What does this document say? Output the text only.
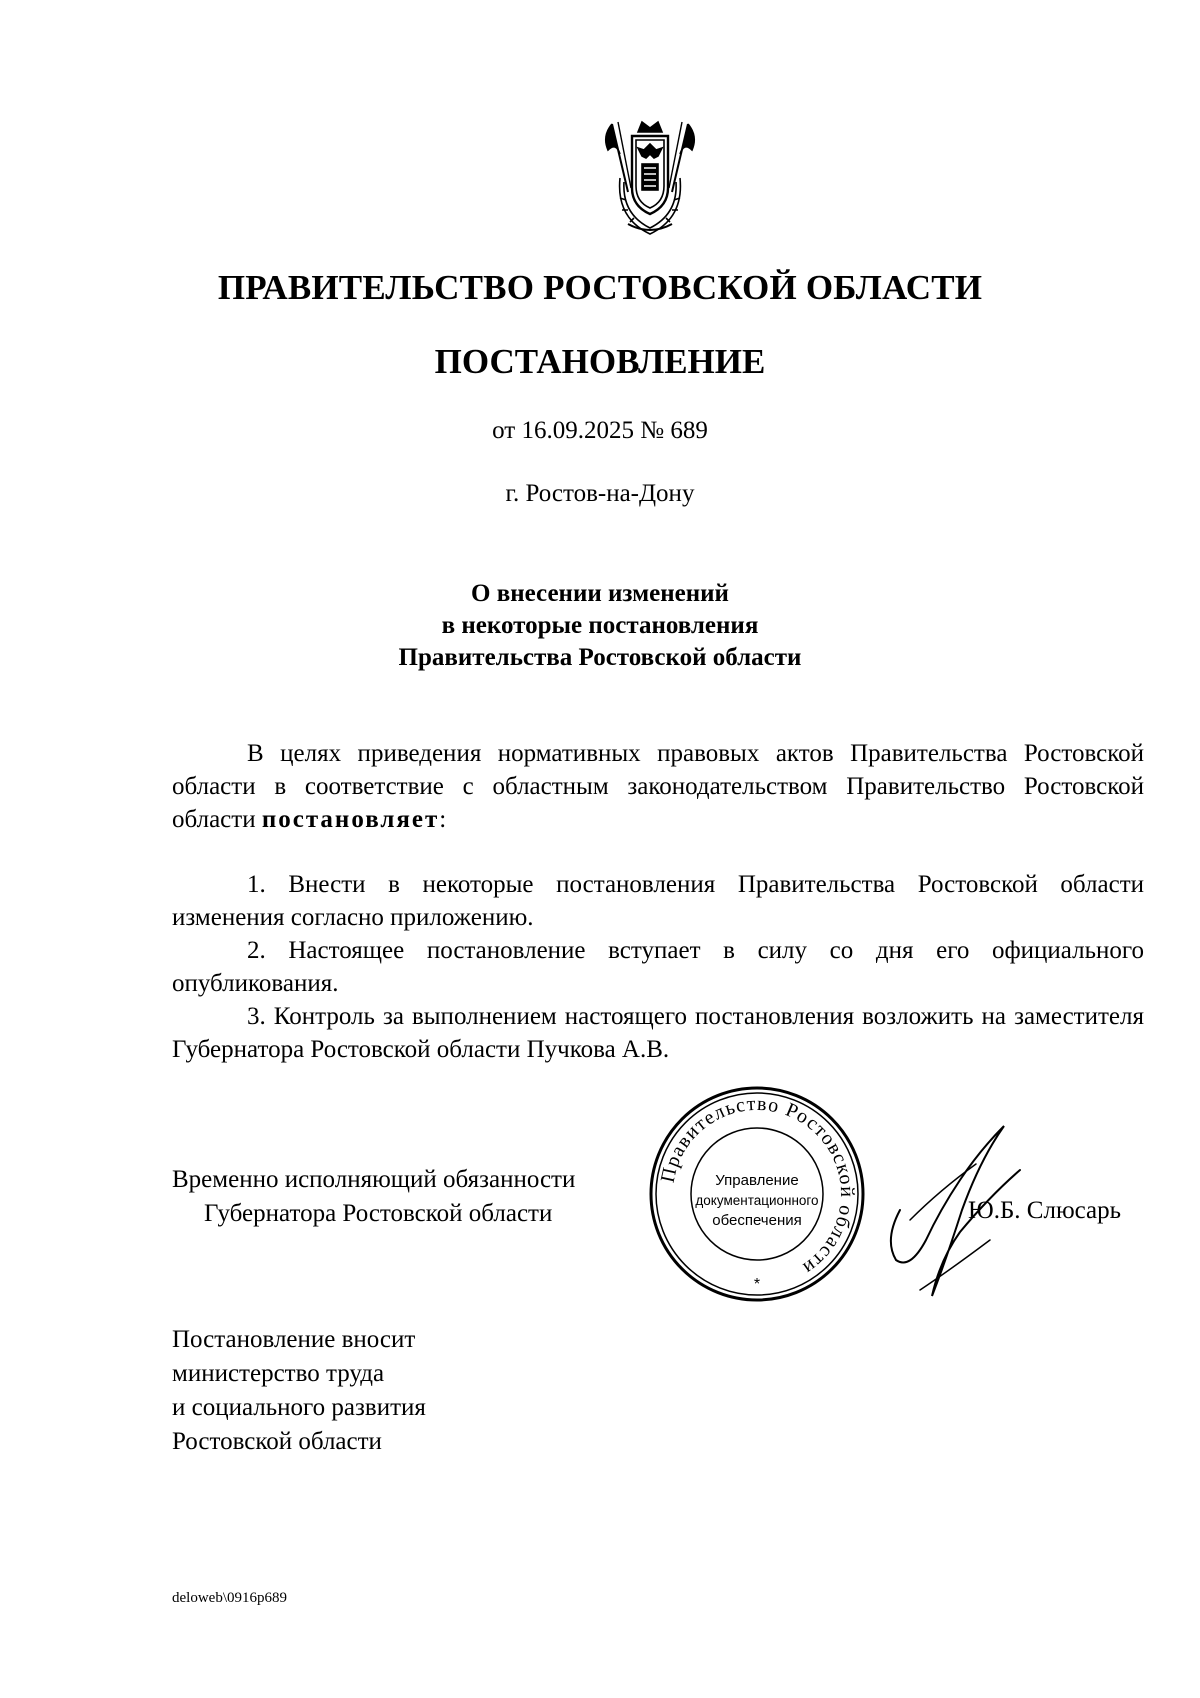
ПРАВИТЕЛЬСТВО РОСТОВСКОЙ ОБЛАСТИ
ПОСТАНОВЛЕНИЕ
от 16.09.2025 № 689
г. Ростов-на-Дону
О внесении изменений
в некоторые постановления
Правительства Ростовской области

В целях приведения нормативных правовых актов Правительства Ростовской области в соответствие с областным законодательством Правительство Ростовской области постановляет:

1. Внести в некоторые постановления Правительства Ростовской области изменения согласно приложению.

2. Настоящее постановление вступает в силу со дня его официального опубликования.

3. Контроль за выполнением настоящего постановления возложить на заместителя Губернатора Ростовской области Пучкова А.В.

Временно исполняющий обязанности
Губернатора Ростовской области
Правительство Ростовской области
Управление
документационного
обеспечения
*
Ю.Б. Слюсарь
Постановление вносит
министерство труда
и социального развития
Ростовской области
deloweb\0916p689
